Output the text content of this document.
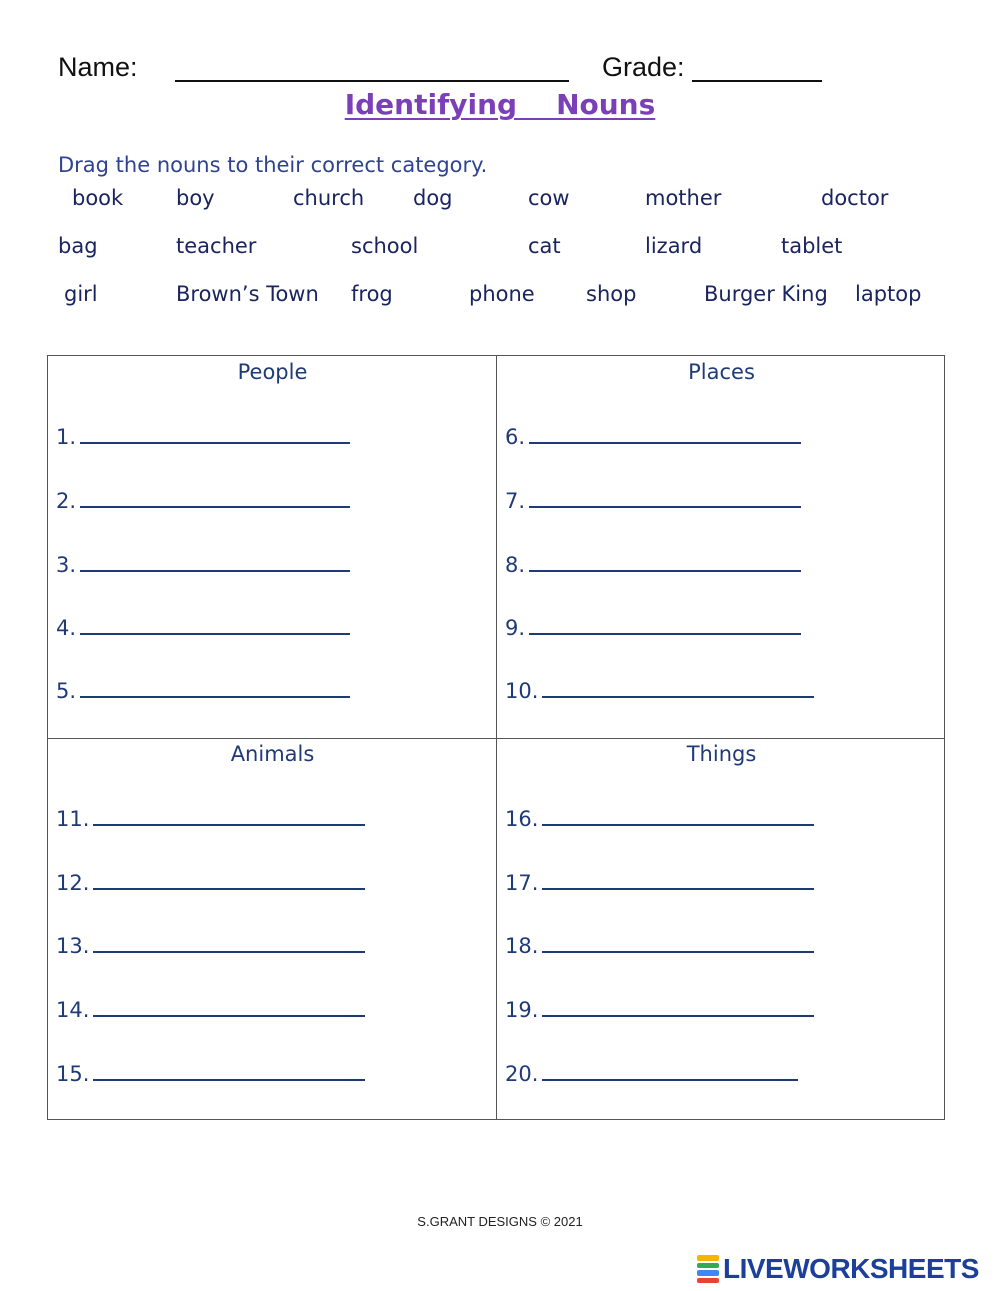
Name:	Grade:
Identifying    Nouns
Drag the nouns to their correct category.
book	boy	church dog	cow	mother	doctor
bag	teacher	school	cat	lizard	tablet
girl	Brown’s Town frog	phone shop	Burger King laptop
People
1.
2.
3.
4.
5.
Places
6.
7.
8.
9.
10.
Animals
11.
12.
13.
14.
15.
Things
16.
17.
18.
19.
20.
S.GRANT DESIGNS © 2021
LIVEWORKSHEETS
